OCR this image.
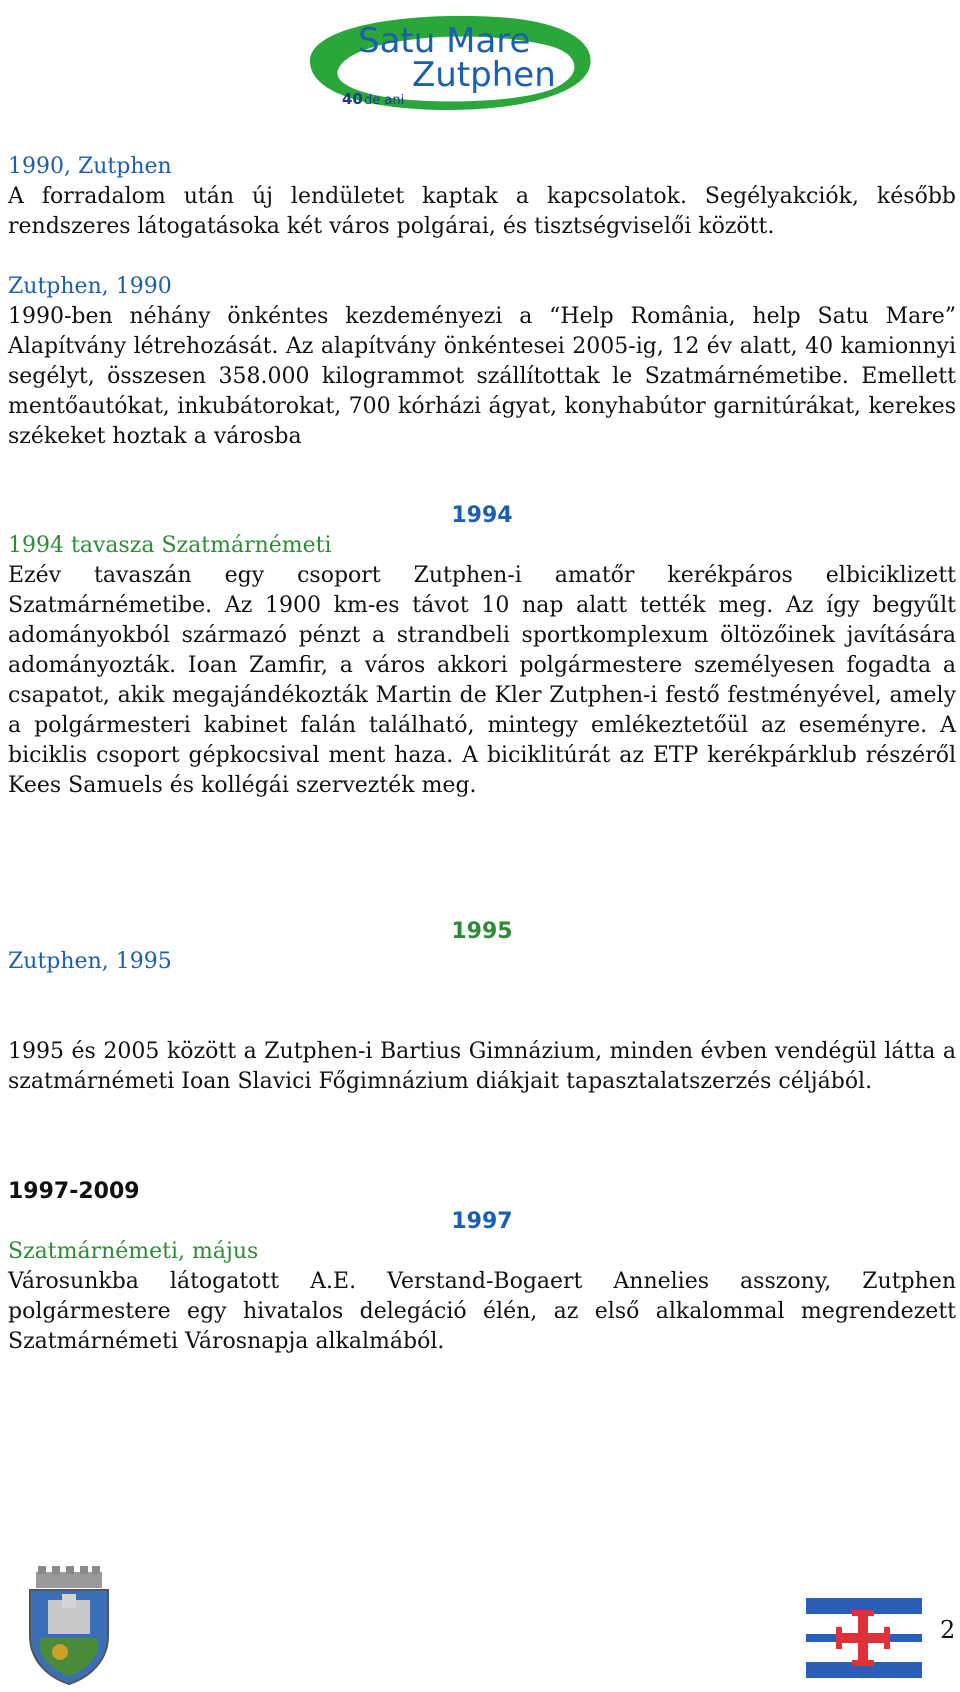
Satu Mare
Zutphen
40 de ani

1990, Zutphen

A forradalom után új lendületet kaptak a kapcsolatok. Segélyakciók, később rendszeres látogatásoka két város polgárai, és tisztségviselői között.

Zutphen, 1990

1990-ben néhány önkéntes kezdeményezi a “Help România, help Satu Mare” Alapítvány létrehozását. Az alapítvány önkéntesei 2005-ig, 12 év alatt, 40 kamionnyi segélyt, összesen 358.000 kilogrammot szállítottak le Szatmárnémetibe. Emellett mentőautókat, inkubátorokat, 700 kórházi ágyat, konyhabútor garnitúrákat, kerekes székeket hoztak a városba

1994

1994 tavasza Szatmárnémeti

Ezév tavaszán egy csoport Zutphen-i amatőr kerékpáros elbiciklizett Szatmárnémetibe. Az 1900 km-es távot 10 nap alatt tették meg. Az így begyűlt adományokból származó pénzt a strandbeli sportkomplexum öltözőinek javítására adományozták. Ioan Zamfir, a város akkori polgármestere személyesen fogadta a csapatot, akik megajándékozták Martin de Kler Zutphen-i festő festményével, amely a polgármesteri kabinet falán található, mintegy emlékeztetőül az eseményre. A biciklis csoport gépkocsival ment haza. A biciklitúrát az ETP kerékpárklub részéről Kees Samuels és kollégái szervezték meg.

1995

Zutphen, 1995

1995 és 2005 között a Zutphen-i Bartius Gimnázium, minden évben vendégül látta a szatmárnémeti Ioan Slavici Főgimnázium diákjait tapasztalatszerzés céljából.

1997-2009

1997

Szatmárnémeti, május

Városunkba látogatott A.E. Verstand-Bogaert Annelies asszony, Zutphen polgármestere egy hivatalos delegáció élén, az első alkalommal megrendezett Szatmárnémeti Városnapja alkalmából.

2
